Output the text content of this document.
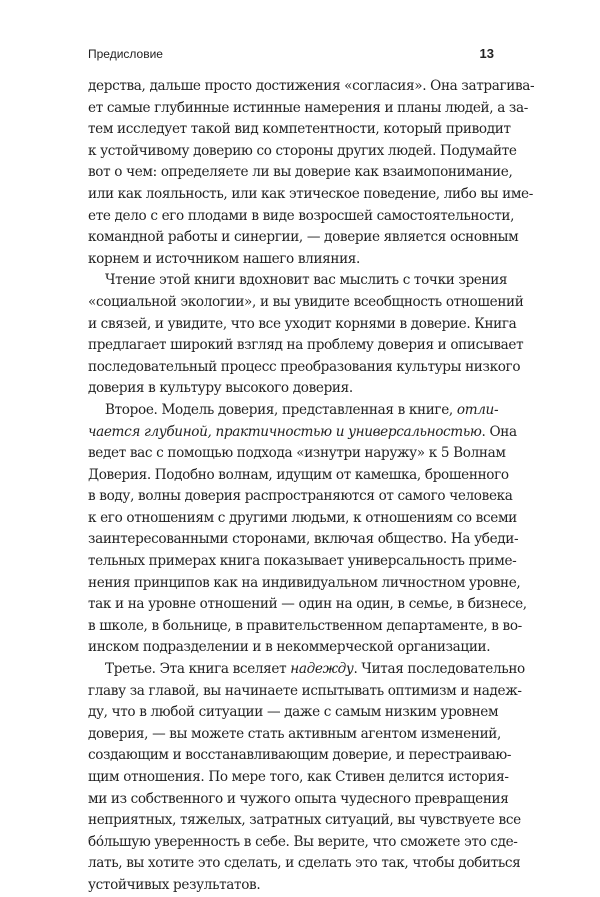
Предисловие	13
дерства, дальше просто достижения «согласия». Она затрагива-
ет самые глубинные истинные намерения и планы людей, а за-
тем исследует такой вид компетентности, который приводит
к устойчивому доверию со стороны других людей. Подумайте
вот о чем: определяете ли вы доверие как взаимопонимание,
или как лояльность, или как этическое поведение, либо вы име-
ете дело с его плодами в виде возросшей самостоятельности,
командной работы и синергии, — доверие является основным
корнем и источником нашего влияния.
Чтение этой книги вдохновит вас мыслить с точки зрения
«социальной экологии», и вы увидите всеобщность отношений
и связей, и увидите, что все уходит корнями в доверие. Книга
предлагает широкий взгляд на проблему доверия и описывает
последовательный процесс преобразования культуры низкого
доверия в культуру высокого доверия.
Второе. Модель доверия, представленная в книге, отли-
чается глубиной, практичностью и универсальностью. Она
ведет вас с помощью подхода «изнутри наружу» к 5 Волнам
Доверия. Подобно волнам, идущим от камешка, брошенного
в воду, волны доверия распространяются от самого человека
к его отношениям с другими людьми, к отношениям со всеми
заинтересованными сторонами, включая общество. На убеди-
тельных примерах книга показывает универсальность приме-
нения принципов как на индивидуальном личностном уровне,
так и на уровне отношений — один на один, в семье, в бизнесе,
в школе, в больнице, в правительственном департаменте, в во-
инском подразделении и в некоммерческой организации.
Третье. Эта книга вселяет надежду. Читая последовательно
главу за главой, вы начинаете испытывать оптимизм и надеж-
ду, что в любой ситуации — даже с самым низким уровнем
доверия, — вы можете стать активным агентом изменений,
создающим и восстанавливающим доверие, и перестраиваю-
щим отношения. По мере того, как Стивен делится история-
ми из собственного и чужого опыта чудесного превращения
неприятных, тяжелых, затратных ситуаций, вы чувствуете все
бо́льшую уверенность в себе. Вы верите, что сможете это сде-
лать, вы хотите это сделать, и сделать это так, чтобы добиться
устойчивых результатов.
